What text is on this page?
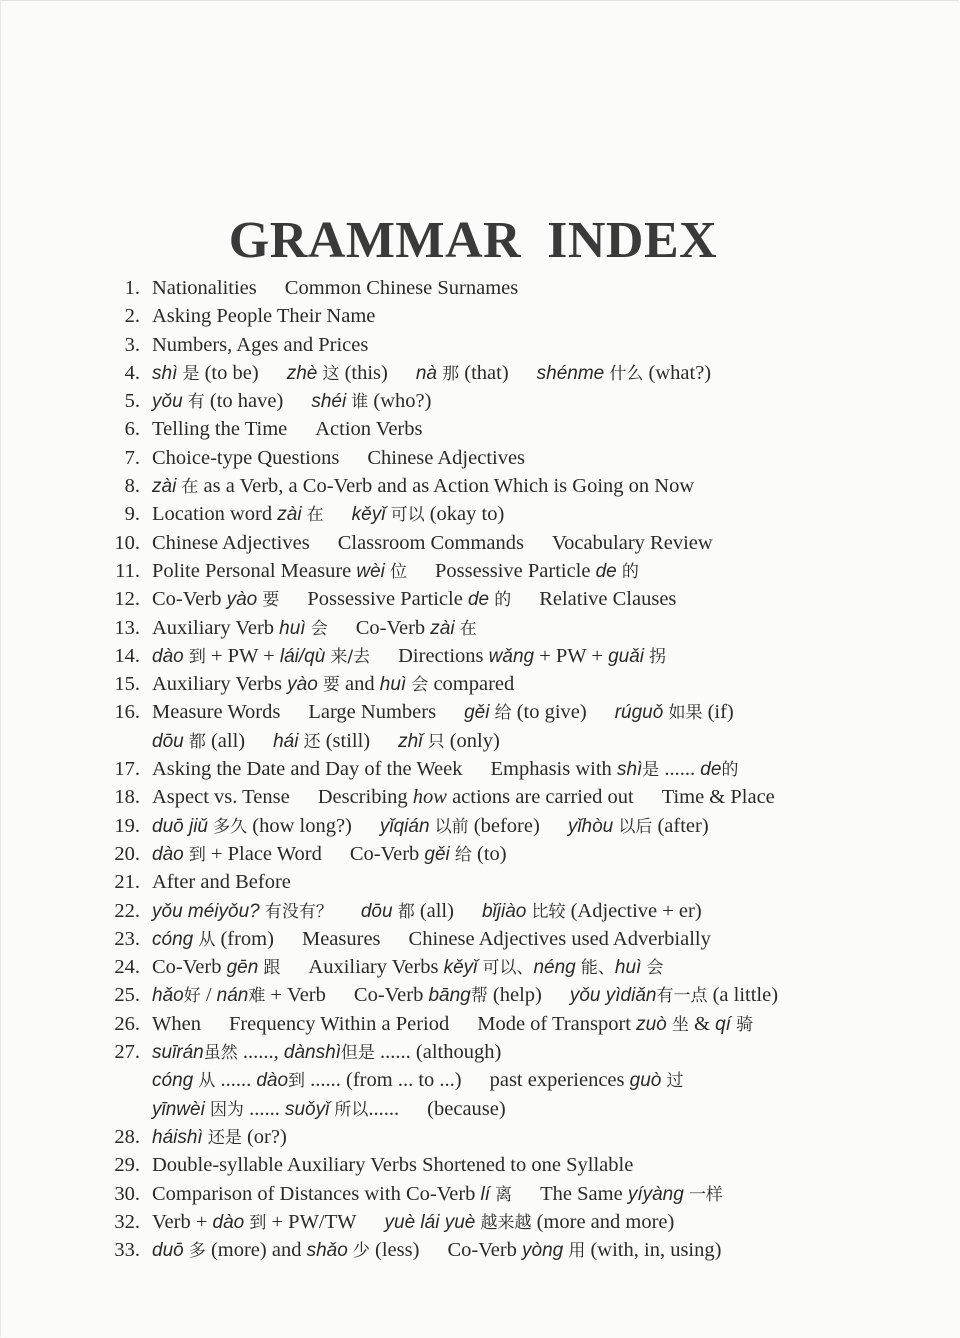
GRAMMAR INDEX
1. Nationalities Common Chinese Surnames
2. Asking People Their Name
3. Numbers, Ages and Prices
4. shì 是 (to be) zhè 这 (this) nà 那 (that) shénme 什么 (what?)
5. yǒu 有 (to have) shéi 谁 (who?)
6. Telling the Time Action Verbs
7. Choice-type Questions Chinese Adjectives
8. zài 在 as a Verb, a Co-Verb and as Action Which is Going on Now
9. Location word zài 在 kěyǐ 可以 (okay to)
10. Chinese Adjectives Classroom Commands Vocabulary Review
11. Polite Personal Measure wèi 位 Possessive Particle de 的
12. Co-Verb yào 要 Possessive Particle de 的 Relative Clauses
13. Auxiliary Verb huì 会 Co-Verb zài 在
14. dào 到 + PW + lái/qù 来/去 Directions wǎng + PW + guǎi 拐
15. Auxiliary Verbs yào 要 and huì 会 compared
16. Measure Words Large Numbers gěi 给 (to give) rúguǒ 如果 (if)
dōu 都 (all) hái 还 (still) zhǐ 只 (only)
17. Asking the Date and Day of the Week Emphasis with shì是 ...... de的
18. Aspect vs. Tense Describing how actions are carried out Time & Place
19. duō jiǔ 多久 (how long?) yǐqián 以前 (before) yǐhòu 以后 (after)
20. dào 到 + Place Word Co-Verb gěi 给 (to)
21. After and Before
22. yǒu méiyǒu? 有没有？ dōu 都 (all) bǐjiào 比较 (Adjective + er)
23. cóng 从 (from) Measures Chinese Adjectives used Adverbially
24. Co-Verb gēn 跟 Auxiliary Verbs kěyǐ 可以、néng 能、huì 会
25. hǎo好 / nán难 + Verb Co-Verb bāng帮 (help) yǒu yìdiǎn有一点 (a little)
26. When Frequency Within a Period Mode of Transport zuò 坐 & qí 骑
27. suīrán虽然 ......, dànshì但是 ...... (although)
cóng 从 ...... dào到 ...... (from ... to ...) past experiences guò 过
yīnwèi 因为 ...... suǒyǐ 所以...... (because)
28. háishì 还是 (or?)
29. Double-syllable Auxiliary Verbs Shortened to one Syllable
30. Comparison of Distances with Co-Verb lí 离 The Same yíyàng 一样
32. Verb + dào 到 + PW/TW yuè lái yuè 越来越 (more and more)
33. duō 多 (more) and shǎo 少 (less) Co-Verb yòng 用 (with, in, using)
